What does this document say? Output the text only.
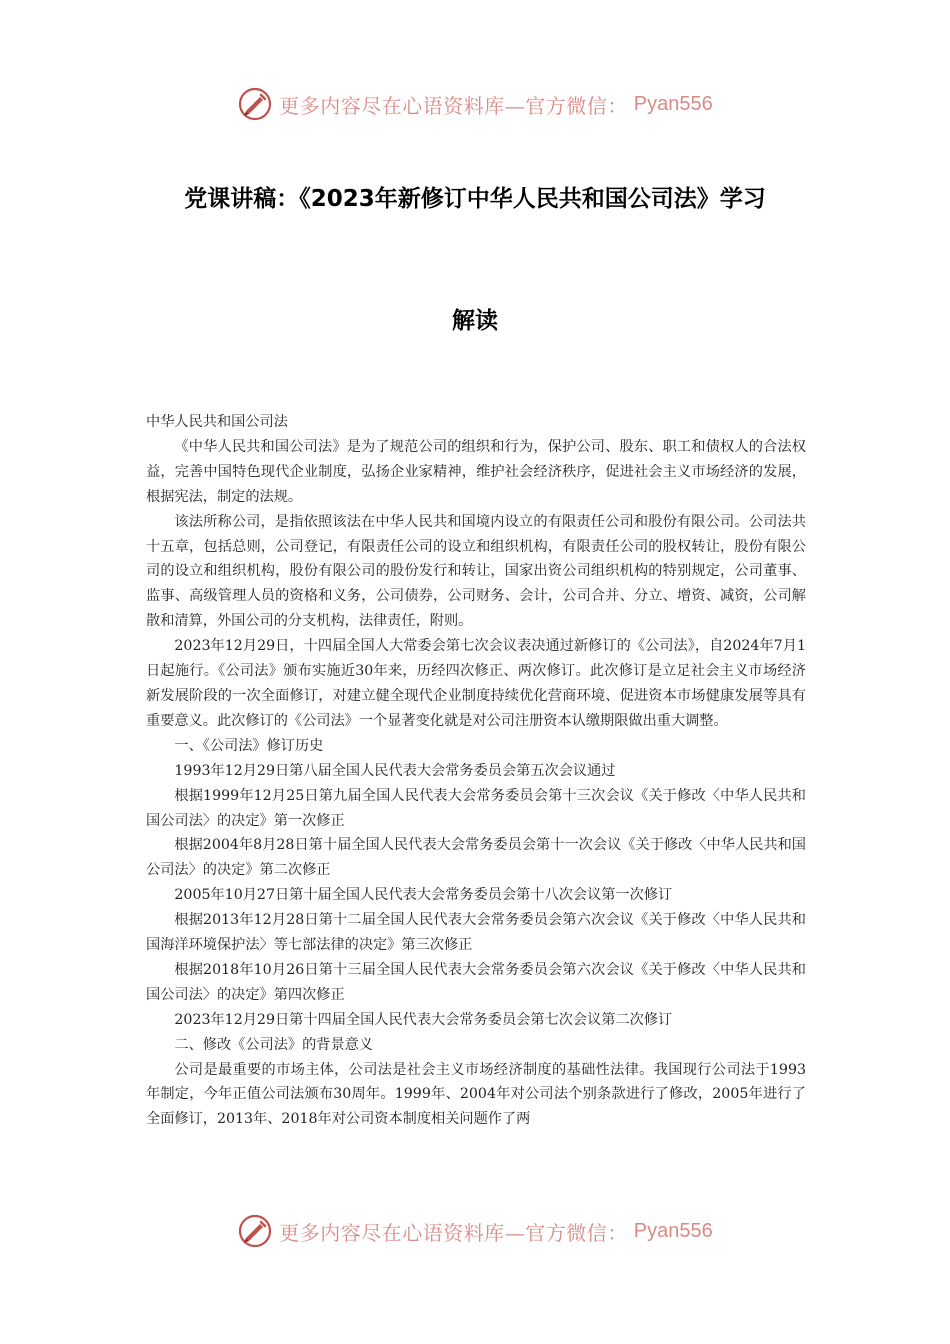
更多内容尽在心语资料库—官方微信： Pyan556
党课讲稿：《2023年新修订中华人民共和国公司法》学习
解读

中华人民共和国公司法

《中华人民共和国公司法》是为了规范公司的组织和行为，保护公司、股东、职工和债权人的合法权益，完善中国特色现代企业制度，弘扬企业家精神，维护社会经济秩序，促进社会主义市场经济的发展，根据宪法，制定的法规。

该法所称公司，是指依照该法在中华人民共和国境内设立的有限责任公司和股份有限公司。公司法共十五章，包括总则，公司登记，有限责任公司的设立和组织机构，有限责任公司的股权转让，股份有限公司的设立和组织机构，股份有限公司的股份发行和转让，国家出资公司组织机构的特别规定，公司董事、监事、高级管理人员的资格和义务，公司债券，公司财务、会计，公司合并、分立、增资、减资，公司解散和清算，外国公司的分支机构，法律责任，附则。

2023年12月29日，十四届全国人大常委会第七次会议表决通过新修订的《公司法》，自2024年7月1日起施行。《公司法》颁布实施近30年来，历经四次修正、两次修订。此次修订是立足社会主义市场经济新发展阶段的一次全面修订，对建立健全现代企业制度持续优化营商环境、促进资本市场健康发展等具有重要意义。此次修订的《公司法》一个显著变化就是对公司注册资本认缴期限做出重大调整。

一、《公司法》修订历史

1993年12月29日第八届全国人民代表大会常务委员会第五次会议通过

根据1999年12月25日第九届全国人民代表大会常务委员会第十三次会议《关于修改〈中华人民共和国公司法〉的决定》第一次修正

根据2004年8月28日第十届全国人民代表大会常务委员会第十一次会议《关于修改〈中华人民共和国公司法〉的决定》第二次修正

2005年10月27日第十届全国人民代表大会常务委员会第十八次会议第一次修订

根据2013年12月28日第十二届全国人民代表大会常务委员会第六次会议《关于修改〈中华人民共和国海洋环境保护法〉等七部法律的决定》第三次修正

根据2018年10月26日第十三届全国人民代表大会常务委员会第六次会议《关于修改〈中华人民共和国公司法〉的决定》第四次修正

2023年12月29日第十四届全国人民代表大会常务委员会第七次会议第二次修订

二、修改《公司法》的背景意义

公司是最重要的市场主体，公司法是社会主义市场经济制度的基础性法律。我国现行公司法于1993年制定，今年正值公司法颁布30周年。1999年、2004年对公司法个别条款进行了修改，2005年进行了全面修订，2013年、2018年对公司资本制度相关问题作了两

更多内容尽在心语资料库—官方微信： Pyan556
